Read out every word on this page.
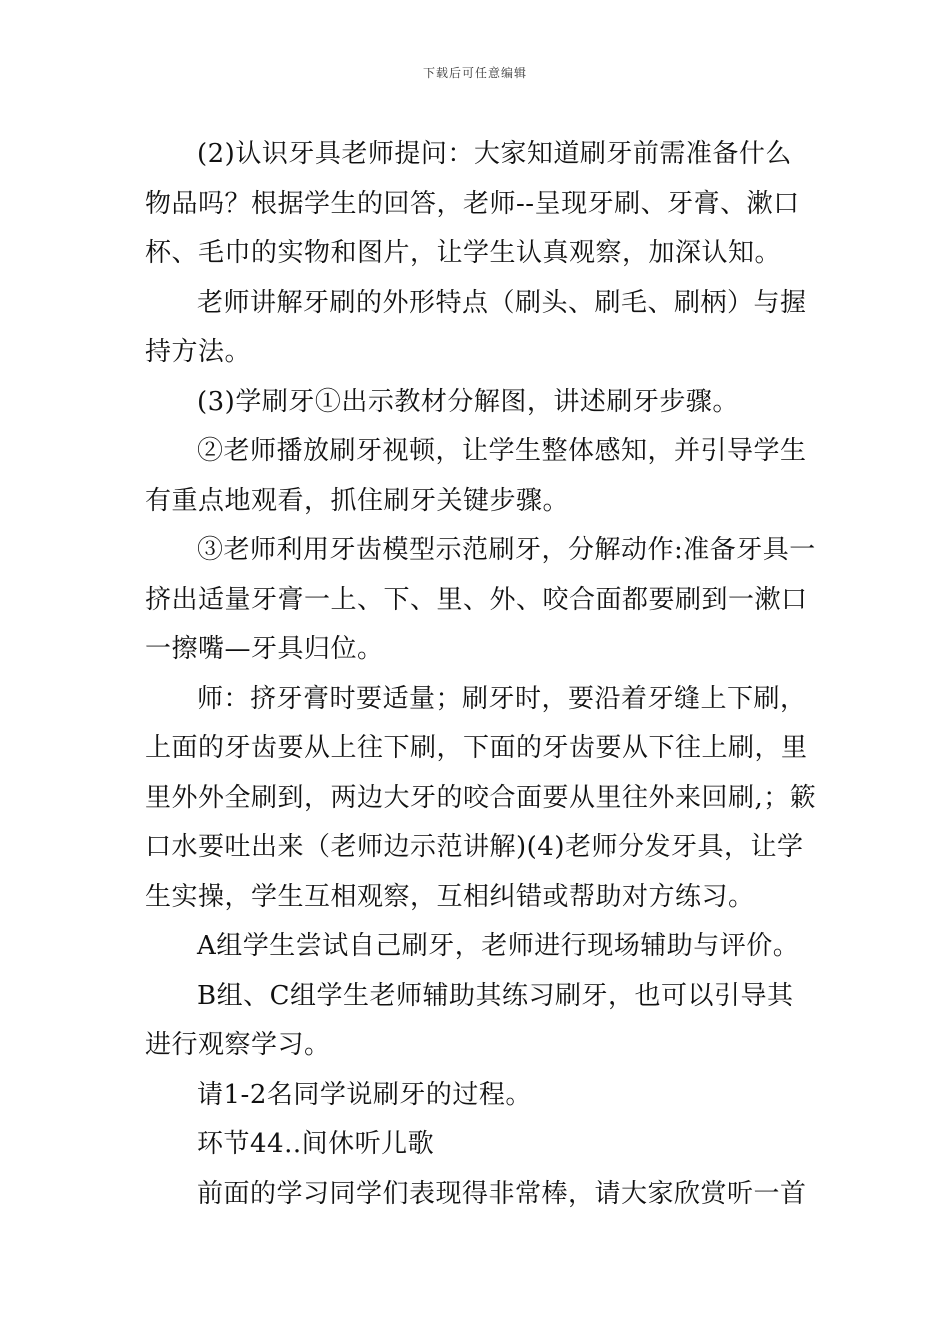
下载后可任意编辑

(2)认识牙具老师提问：大家知道刷牙前需准备什么物品吗？根据学生的回答，老师--呈现牙刷、牙膏、漱口杯、毛巾的实物和图片，让学生认真观察，加深认知。

老师讲解牙刷的外形特点（刷头、刷毛、刷柄）与握持方法。

(3)学刷牙①出示教材分解图，讲述刷牙步骤。

②老师播放刷牙视顿，让学生整体感知，并引导学生有重点地观看，抓住刷牙关键步骤。

③老师利用牙齿模型示范刷牙，分解动作:准备牙具一挤出适量牙膏一上、下、里、外、咬合面都要刷到一漱口一擦嘴—牙具归位。

师：挤牙膏时要适量；刷牙时，要沿着牙缝上下刷，上面的牙齿要从上往下刷，下面的牙齿要从下往上刷，里里外外全刷到，两边大牙的咬合面要从里往外来回刷,；簌口水要吐出来（老师边示范讲解)(4)老师分发牙具，让学生实操，学生互相观察，互相纠错或帮助对方练习。

A组学生尝试自己刷牙，老师进行现场辅助与评价。

B组、C组学生老师辅助其练习刷牙，也可以引导其进行观察学习。

请1-2名同学说刷牙的过程。

环节44..间休听儿歌

前面的学习同学们表现得非常棒，请大家欣赏听一首
